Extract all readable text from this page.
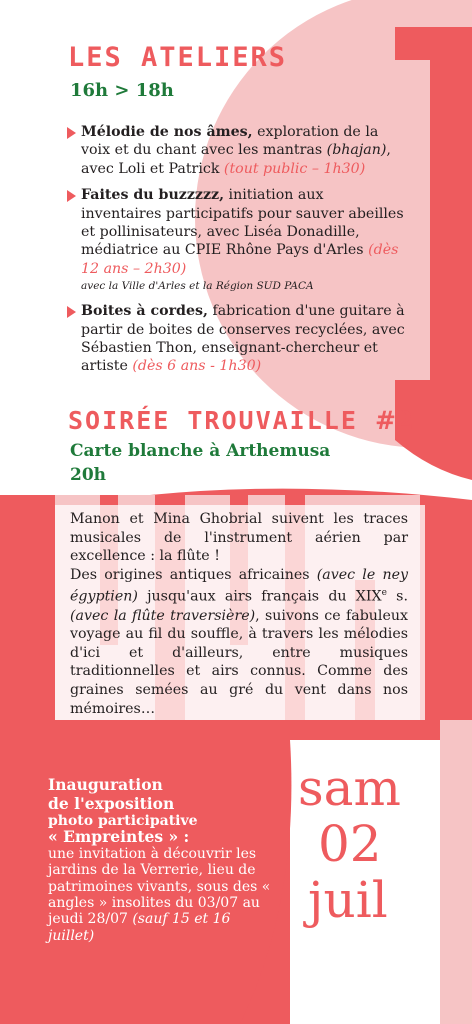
LES ATELIERS
16h > 18h
Mélodie de nos âmes, exploration de la voix et du chant avec les mantras (bhajan), avec Loli et Patrick (tout public – 1h30)
Faites du buzzzzz, initiation aux inventaires participatifs pour sauver abeilles et pollinisateurs, avec Liséa Donadille, médiatrice au CPIE Rhône Pays d'Arles (dès 12 ans – 2h30)
avec la Ville d'Arles et la Région SUD PACA
Boites à cordes, fabrication d'une guitare à partir de boites de conserves recyclées, avec Sébastien Thon, enseignant-chercheur et artiste (dès 6 ans - 1h30)
SOIRÉE TROUVAILLE #2
Carte blanche à Arthemusa
20h

Manon et Mina Ghobrial suivent les traces musicales de l'instrument aérien par excellence : la flûte !

Des origines antiques africaines (avec le ney égyptien) jusqu'aux airs français du XIXe s. (avec la flûte traversière), suivons ce fabuleux voyage au fil du souffle, à travers les mélodies d'ici et d'ailleurs, entre musiques traditionnelles et airs connus. Comme des graines semées au gré du vent dans nos mémoires…

Inauguration
de l'exposition
photo participative
« Empreintes » :
une invitation à découvrir les jardins de la Verrerie, lieu de patrimoines vivants, sous des « angles » insolites du 03/07 au jeudi 28/07 (sauf 15 et 16 juillet)
sam
02
juil
